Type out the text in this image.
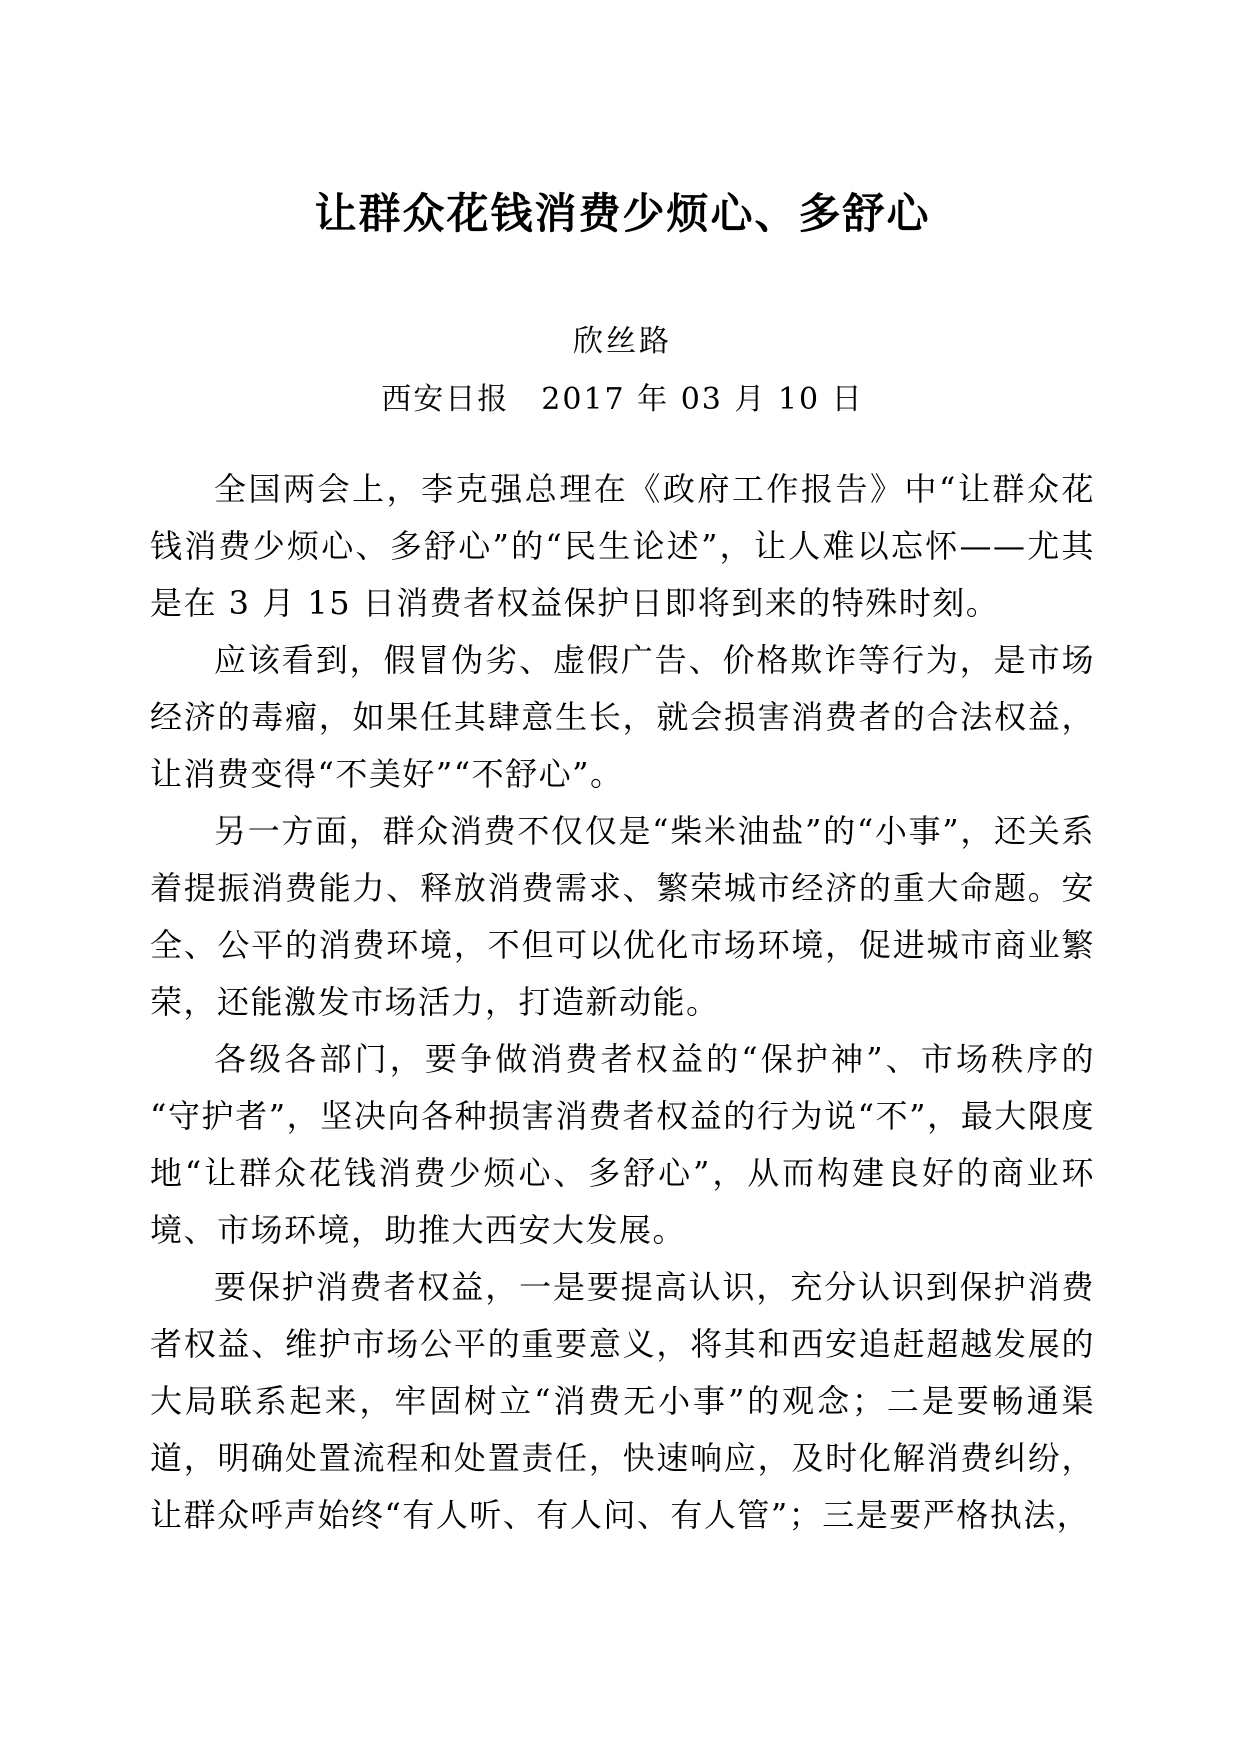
让群众花钱消费少烦心、多舒心
欣丝路
西安日报　2017 年 03 月 10 日

全国两会上，李克强总理在《政府工作报告》中“让群众花钱消费少烦心、多舒心”的“民生论述”，让人难以忘怀——尤其是在 3 月 15 日消费者权益保护日即将到来的特殊时刻。

应该看到，假冒伪劣、虚假广告、价格欺诈等行为，是市场经济的毒瘤，如果任其肆意生长，就会损害消费者的合法权益，让消费变得“不美好”“不舒心”。

另一方面，群众消费不仅仅是“柴米油盐”的“小事”，还关系着提振消费能力、释放消费需求、繁荣城市经济的重大命题。安全、公平的消费环境，不但可以优化市场环境，促进城市商业繁荣，还能激发市场活力，打造新动能。

各级各部门，要争做消费者权益的“保护神”、市场秩序的“守护者”，坚决向各种损害消费者权益的行为说“不”，最大限度地“让群众花钱消费少烦心、多舒心”，从而构建良好的商业环境、市场环境，助推大西安大发展。

要保护消费者权益，一是要提高认识，充分认识到保护消费者权益、维护市场公平的重要意义，将其和西安追赶超越发展的大局联系起来，牢固树立“消费无小事”的观念；二是要畅通渠道，明确处置流程和处置责任，快速响应，及时化解消费纠纷，让群众呼声始终“有人听、有人问、有人管”；三是要严格执法，
